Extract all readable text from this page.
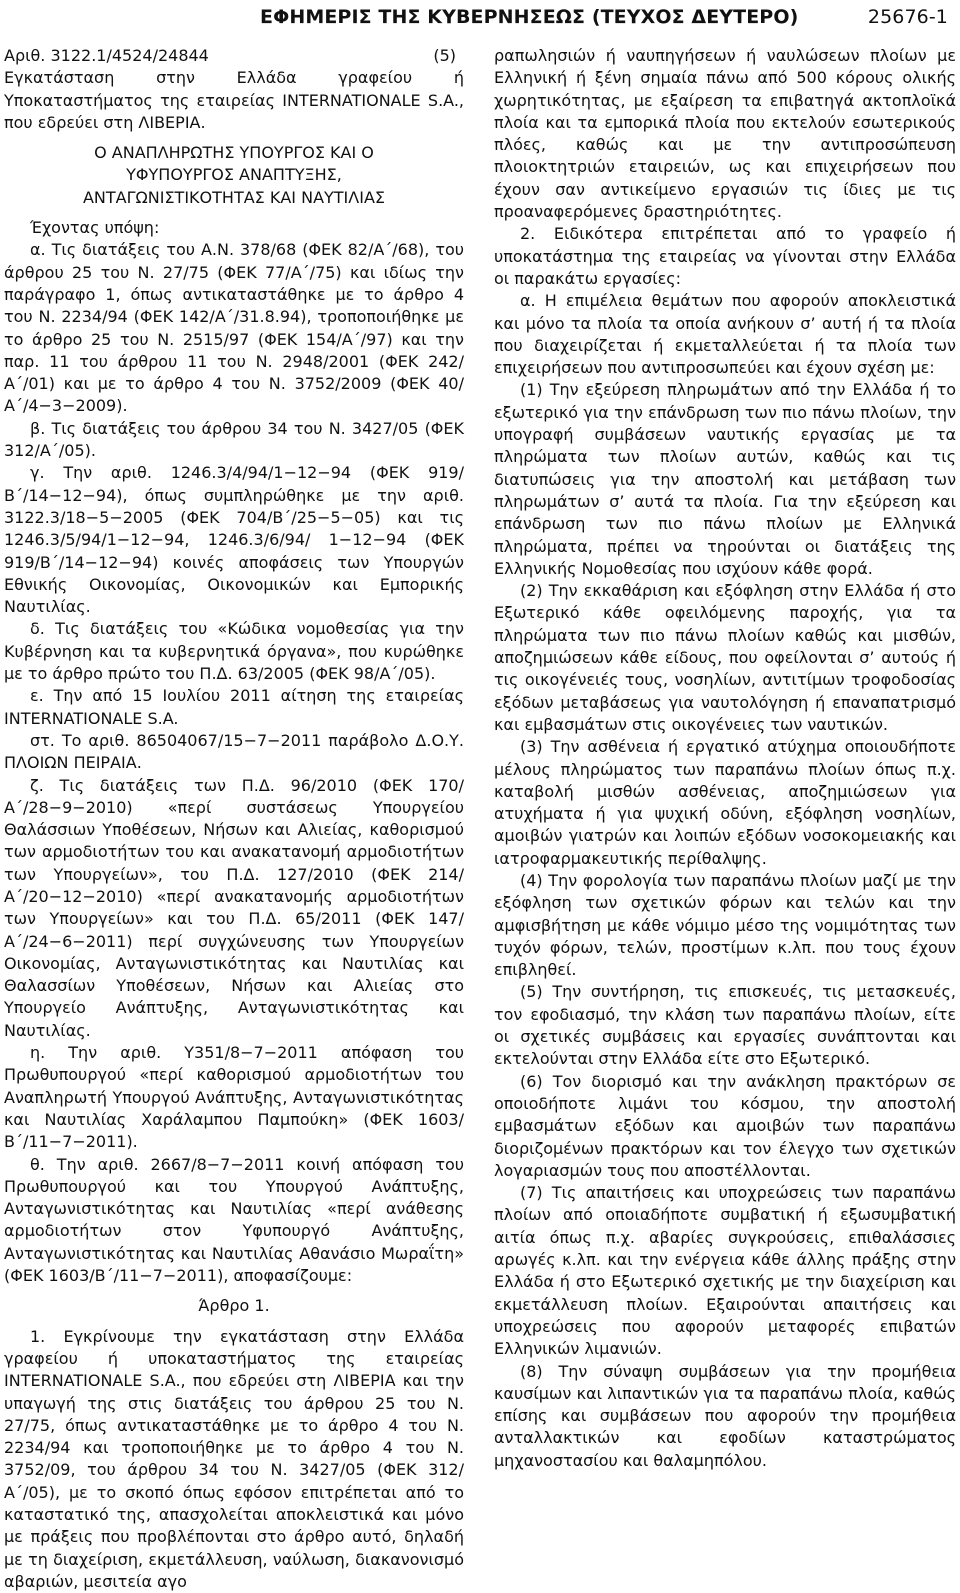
ΕΦΗΜΕΡΙΣ ΤΗΣ ΚΥΒΕΡΝΗΣΕΩΣ (ΤΕΥΧΟΣ ΔΕΥΤΕΡΟ)	25676-1
Αριθ. 3122.1/4524/24844	(5)

Εγκατάσταση στην Ελλάδα γραφείου ή Υποκαταστήματος της εταιρείας INTERNATIONALE S.A., που εδρεύει στη ΛΙΒΕΡΙΑ.

Ο ΑΝΑΠΛΗΡΩΤΗΣ ΥΠΟΥΡΓΟΣ ΚΑΙ Ο ΥΦΥΠΟΥΡΓΟΣ ΑΝΑΠΤΥΞΗΣ, ΑΝΤΑΓΩΝΙΣΤΙΚΟΤΗΤΑΣ ΚΑΙ ΝΑΥΤΙΛΙΑΣ

Έχοντας υπόψη:

α. Τις διατάξεις του Α.Ν. 378/68 (ΦΕΚ 82/Α΄/68), του άρθρου 25 του Ν. 27/75 (ΦΕΚ 77/Α΄/75) και ιδίως την παράγραφο 1, όπως αντικαταστάθηκε με το άρθρο 4 του Ν. 2234/94 (ΦΕΚ 142/Α΄/31.8.94), τροποποιήθηκε με το άρθρο 25 του Ν. 2515/97 (ΦΕΚ 154/Α΄/97) και την παρ. 11 του άρθρου 11 του Ν. 2948/2001 (ΦΕΚ 242/Α΄/01) και με το άρθρο 4 του Ν. 3752/2009 (ΦΕΚ 40/Α΄/4−3−2009).

β. Τις διατάξεις του άρθρου 34 του Ν. 3427/05 (ΦΕΚ 312/Α΄/05).

γ. Την αριθ. 1246.3/4/94/1−12−94 (ΦΕΚ 919/Β΄/14−12−94), όπως συμπληρώθηκε με την αριθ. 3122.3/18−5−2005 (ΦΕΚ 704/Β΄/25−5−05) και τις 1246.3/5/94/1−12−94, 1246.3/6/94/ 1−12−94 (ΦΕΚ 919/Β΄/14−12−94) κοινές αποφάσεις των Υπουργών Εθνικής Οικονομίας, Οικονομικών και Εμπορικής Ναυτιλίας.

δ. Τις διατάξεις του «Κώδικα νομοθεσίας για την Κυβέρνηση και τα κυβερνητικά όργανα», που κυρώθηκε με το άρθρο πρώτο του Π.Δ. 63/2005 (ΦΕΚ 98/Α΄/05).

ε. Την από 15 Ιουλίου 2011 αίτηση της εταιρείας INTERNATIONALE S.A.

στ. Το αριθ. 86504067/15−7−2011 παράβολο Δ.Ο.Υ. ΠΛΟΙΩΝ ΠΕΙΡΑΙΑ.

ζ. Τις διατάξεις των Π.Δ. 96/2010 (ΦΕΚ 170/Α΄/28−9−2010) «περί συστάσεως Υπουργείου Θαλάσσιων Υποθέσεων, Νήσων και Αλιείας, καθορισμού των αρμοδιοτήτων του και ανακατανομή αρμοδιοτήτων των Υπουργείων», του Π.Δ. 127/2010 (ΦΕΚ 214/Α΄/20−12−2010) «περί ανακατανομής αρμοδιοτήτων των Υπουργείων» και του Π.Δ. 65/2011 (ΦΕΚ 147/Α΄/24−6−2011) περί συγχώνευσης των Υπουργείων Οικονομίας, Ανταγωνιστικότητας και Ναυτιλίας και Θαλασσίων Υποθέσεων, Νήσων και Αλιείας στο Υπουργείο Ανάπτυξης, Ανταγωνιστικότητας και Ναυτιλίας.

η. Την αριθ. Υ351/8−7−2011 απόφαση του Πρωθυπουργού «περί καθορισμού αρμοδιοτήτων του Αναπληρωτή Υπουργού Ανάπτυξης, Ανταγωνιστικότητας και Ναυτιλίας Χαράλαμπου Παμπούκη» (ΦΕΚ 1603/Β΄/11−7−2011).

θ. Την αριθ. 2667/8−7−2011 κοινή απόφαση του Πρωθυπουργού και του Υπουργού Ανάπτυξης, Ανταγωνιστικότητας και Ναυτιλίας «περί ανάθεσης αρμοδιοτήτων στον Υφυπουργό Ανάπτυξης, Ανταγωνιστικότητας και Ναυτιλίας Αθανάσιο Μωραΐτη» (ΦΕΚ 1603/Β΄/11−7−2011), αποφασίζουμε:

Άρθρο 1.

1. Εγκρίνουμε την εγκατάσταση στην Ελλάδα γραφείου ή υποκαταστήματος της εταιρείας INTERNATIONALE S.A., που εδρεύει στη ΛΙΒΕΡΙΑ και την υπαγωγή της στις διατάξεις του άρθρου 25 του Ν. 27/75, όπως αντικαταστάθηκε με το άρθρο 4 του Ν. 2234/94 και τροποποιήθηκε με το άρθρο 4 του Ν. 3752/09, του άρθρου 34 του Ν. 3427/05 (ΦΕΚ 312/Α΄/05), με το σκοπό όπως εφόσον επιτρέπεται από το καταστατικό της, απασχολείται αποκλειστικά και μόνο με πράξεις που προβλέπονται στο άρθρο αυτό, δηλαδή με τη διαχείριση, εκμετάλλευση, ναύλωση, διακανονισμό αβαριών, μεσιτεία αγο

ραπωλησιών ή ναυπηγήσεων ή ναυλώσεων πλοίων με Ελληνική ή ξένη σημαία πάνω από 500 κόρους ολικής χωρητικότητας, με εξαίρεση τα επιβατηγά ακτοπλοϊκά πλοία και τα εμπορικά πλοία που εκτελούν εσωτερικούς πλόες, καθώς και με την αντιπροσώπευση πλοιοκτητριών εταιρειών, ως και επιχειρήσεων που έχουν σαν αντικείμενο εργασιών τις ίδιες με τις προαναφερόμενες δραστηριότητες.

2. Ειδικότερα επιτρέπεται από το γραφείο ή υποκατάστημα της εταιρείας να γίνονται στην Ελλάδα οι παρακάτω εργασίες:

α. Η επιμέλεια θεμάτων που αφορούν αποκλειστικά και μόνο τα πλοία τα οποία ανήκουν σ’ αυτή ή τα πλοία που διαχειρίζεται ή εκμεταλλεύεται ή τα πλοία των επιχειρήσεων που αντιπροσωπεύει και έχουν σχέση με:

(1) Την εξεύρεση πληρωμάτων από την Ελλάδα ή το εξωτερικό για την επάνδρωση των πιο πάνω πλοίων, την υπογραφή συμβάσεων ναυτικής εργασίας με τα πληρώματα των πλοίων αυτών, καθώς και τις διατυπώσεις για την αποστολή και μετάβαση των πληρωμάτων σ’ αυτά τα πλοία. Για την εξεύρεση και επάνδρωση των πιο πάνω πλοίων με Ελληνικά πληρώματα, πρέπει να τηρούνται οι διατάξεις της Ελληνικής Νομοθεσίας που ισχύουν κάθε φορά.

(2) Την εκκαθάριση και εξόφληση στην Ελλάδα ή στο Εξωτερικό κάθε οφειλόμενης παροχής, για τα πληρώματα των πιο πάνω πλοίων καθώς και μισθών, αποζημιώσεων κάθε είδους, που οφείλονται σ’ αυτούς ή τις οικογένειές τους, νοσηλίων, αντιτίμων τροφοδοσίας εξόδων μεταβάσεως για ναυτολόγηση ή επαναπατρισμό και εμβασμάτων στις οικογένειες των ναυτικών.

(3) Την ασθένεια ή εργατικό ατύχημα οποιουδήποτε μέλους πληρώματος των παραπάνω πλοίων όπως π.χ. καταβολή μισθών ασθένειας, αποζημιώσεων για ατυχήματα ή για ψυχική οδύνη, εξόφληση νοσηλίων, αμοιβών γιατρών και λοιπών εξόδων νοσοκομειακής και ιατροφαρμακευτικής περίθαλψης.

(4) Την φορολογία των παραπάνω πλοίων μαζί με την εξόφληση των σχετικών φόρων και τελών και την αμφισβήτηση με κάθε νόμιμο μέσο της νομιμότητας των τυχόν φόρων, τελών, προστίμων κ.λπ. που τους έχουν επιβληθεί.

(5) Την συντήρηση, τις επισκευές, τις μετασκευές, τον εφοδιασμό, την κλάση των παραπάνω πλοίων, είτε οι σχετικές συμβάσεις και εργασίες συνάπτονται και εκτελούνται στην Ελλάδα είτε στο Εξωτερικό.

(6) Τον διορισμό και την ανάκληση πρακτόρων σε οποιοδήποτε λιμάνι του κόσμου, την αποστολή εμβασμάτων εξόδων και αμοιβών των παραπάνω διοριζομένων πρακτόρων και τον έλεγχο των σχετικών λογαριασμών τους που αποστέλλονται.

(7) Τις απαιτήσεις και υποχρεώσεις των παραπάνω πλοίων από οποιαδήποτε συμβατική ή εξωσυμβατική αιτία όπως π.χ. αβαρίες συγκρούσεις, επιθαλάσσιες αρωγές κ.λπ. και την ενέργεια κάθε άλλης πράξης στην Ελλάδα ή στο Εξωτερικό σχετικής με την διαχείριση και εκμετάλλευση πλοίων. Εξαιρούνται απαιτήσεις και υποχρεώσεις που αφορούν μεταφορές επιβατών Ελληνικών λιμανιών.

(8) Την σύναψη συμβάσεων για την προμήθεια καυσίμων και λιπαντικών για τα παραπάνω πλοία, καθώς επίσης και συμβάσεων που αφορούν την προμήθεια ανταλλακτικών και εφοδίων καταστρώματος μηχανοστασίου και θαλαμηπόλου.
